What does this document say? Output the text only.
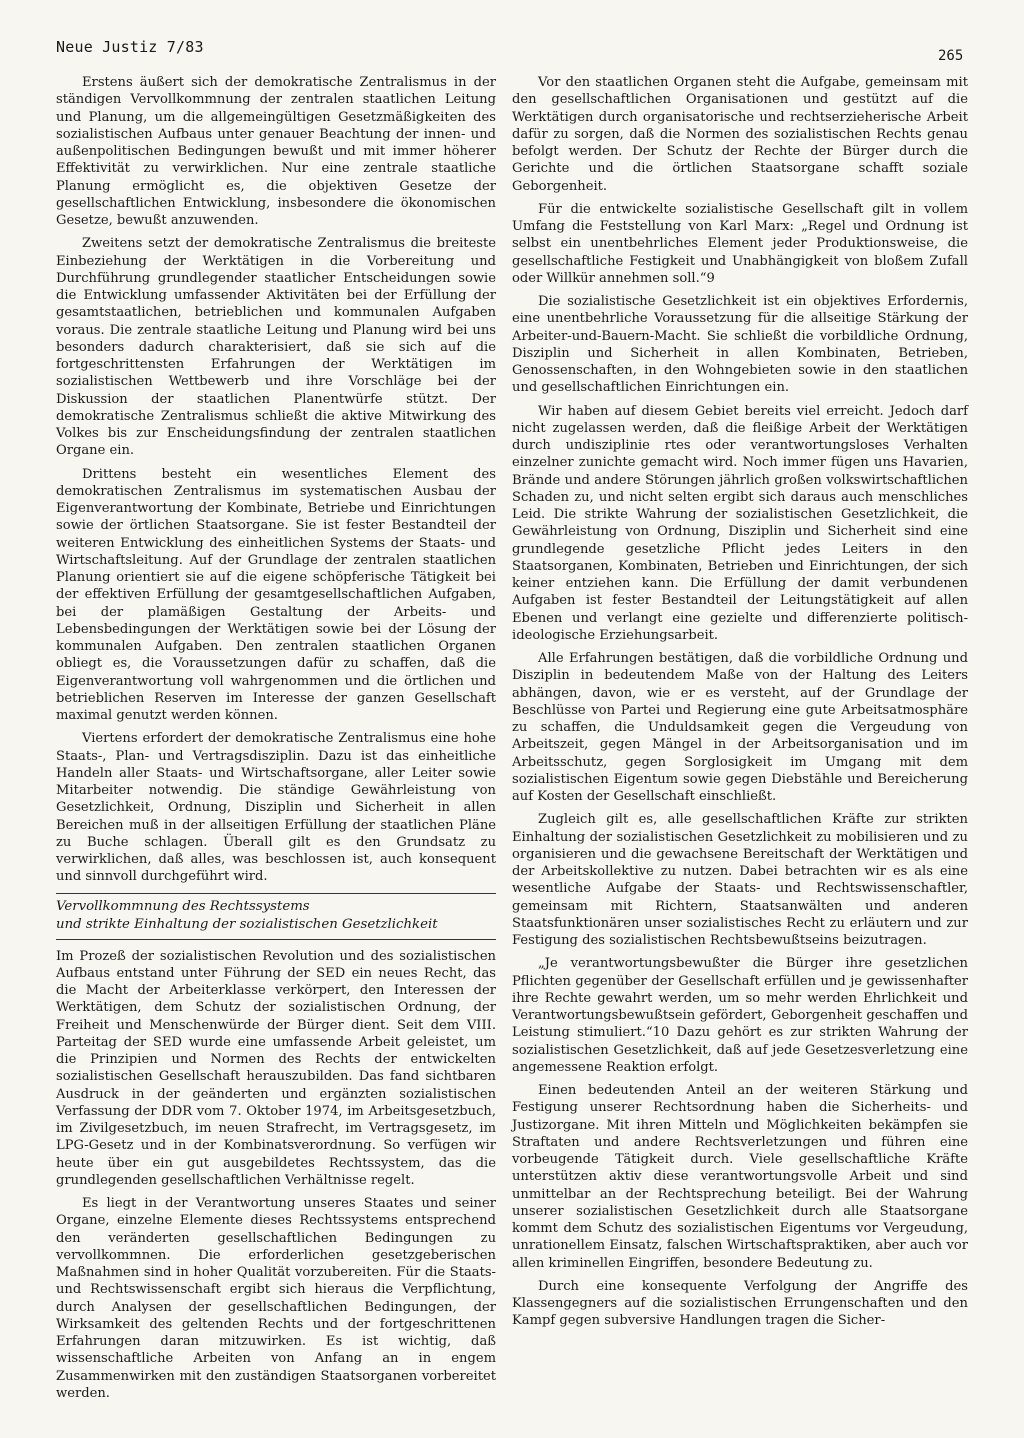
Neue Justiz 7/83	265

Erstens äußert sich der demokratische Zentralismus in der ständigen Vervollkommnung der zentralen staatlichen Leitung und Planung, um die allgemeingültigen Gesetzmäßigkeiten des sozialistischen Aufbaus unter genauer Beachtung der innen- und außenpolitischen Bedingungen bewußt und mit immer höherer Effektivität zu verwirklichen. Nur eine zentrale staatliche Planung ermöglicht es, die objektiven Gesetze der gesellschaftlichen Entwicklung, insbesondere die ökonomischen Gesetze, bewußt anzuwenden.

Zweitens setzt der demokratische Zentralismus die breiteste Einbeziehung der Werktätigen in die Vorbereitung und Durchführung grundlegender staatlicher Entscheidungen sowie die Entwicklung umfassender Aktivitäten bei der Erfüllung der gesamtstaatlichen, betrieblichen und kommunalen Aufgaben voraus. Die zentrale staatliche Leitung und Planung wird bei uns besonders dadurch charakterisiert, daß sie sich auf die fortgeschrittensten Erfahrungen der Werktätigen im sozialistischen Wettbewerb und ihre Vorschläge bei der Diskussion der staatlichen Planentwürfe stützt. Der demokratische Zentralismus schließt die aktive Mitwirkung des Volkes bis zur Enscheidungsfindung der zentralen staatlichen Organe ein.

Drittens besteht ein wesentliches Element des demokratischen Zentralismus im systematischen Ausbau der Eigenverantwortung der Kombinate, Betriebe und Einrichtungen sowie der örtlichen Staatsorgane. Sie ist fester Bestandteil der weiteren Entwicklung des einheitlichen Systems der Staats- und Wirtschaftsleitung. Auf der Grundlage der zentralen staatlichen Planung orientiert sie auf die eigene schöpferische Tätigkeit bei der effektiven Erfüllung der gesamtgesellschaftlichen Aufgaben, bei der plamäßigen Gestaltung der Arbeits- und Lebensbedingungen der Werktätigen sowie bei der Lösung der kommunalen Aufgaben. Den zentralen staatlichen Organen obliegt es, die Voraussetzungen dafür zu schaffen, daß die Eigenverantwortung voll wahrgenommen und die örtlichen und betrieblichen Reserven im Interesse der ganzen Gesellschaft maximal genutzt werden können.

Viertens erfordert der demokratische Zentralismus eine hohe Staats-, Plan- und Vertragsdisziplin. Dazu ist das einheitliche Handeln aller Staats- und Wirtschaftsorgane, aller Leiter sowie Mitarbeiter notwendig. Die ständige Gewährleistung von Gesetzlichkeit, Ordnung, Disziplin und Sicherheit in allen Bereichen muß in der allseitigen Erfüllung der staatlichen Pläne zu Buche schlagen. Überall gilt es den Grundsatz zu verwirklichen, daß alles, was beschlossen ist, auch konsequent und sinnvoll durchgeführt wird.

Vervollkommnung des Rechtssystems

und strikte Einhaltung der sozialistischen Gesetzlichkeit

Im Prozeß der sozialistischen Revolution und des sozialistischen Aufbaus entstand unter Führung der SED ein neues Recht, das die Macht der Arbeiterklasse verkörpert, den Interessen der Werktätigen, dem Schutz der sozialistischen Ordnung, der Freiheit und Menschenwürde der Bürger dient. Seit dem VIII. Parteitag der SED wurde eine umfassende Arbeit geleistet, um die Prinzipien und Normen des Rechts der entwickelten sozialistischen Gesellschaft herauszubilden. Das fand sichtbaren Ausdruck in der geänderten und ergänzten sozialistischen Verfassung der DDR vom 7. Oktober 1974, im Arbeitsgesetzbuch, im Zivilgesetzbuch, im neuen Strafrecht, im Vertragsgesetz, im LPG-Gesetz und in der Kombinatsverordnung. So verfügen wir heute über ein gut ausgebildetes Rechtssystem, das die grundlegenden gesellschaftlichen Verhältnisse regelt.

Es liegt in der Verantwortung unseres Staates und seiner Organe, einzelne Elemente dieses Rechtssystems entsprechend den veränderten gesellschaftlichen Bedingungen zu vervollkommnen. Die erforderlichen gesetzgeberischen Maßnahmen sind in hoher Qualität vorzubereiten. Für die Staats- und Rechtswissenschaft ergibt sich hieraus die Verpflichtung, durch Analysen der gesellschaftlichen Bedingungen, der Wirksamkeit des geltenden Rechts und der fortgeschrittenen Erfahrungen daran mitzuwirken. Es ist wichtig, daß wissenschaftliche Arbeiten von Anfang an in engem Zusammenwirken mit den zuständigen Staatsorganen vorbereitet werden.

Vor den staatlichen Organen steht die Aufgabe, gemeinsam mit den gesellschaftlichen Organisationen und gestützt auf die Werktätigen durch organisatorische und rechtserzieherische Arbeit dafür zu sorgen, daß die Normen des sozialistischen Rechts genau befolgt werden. Der Schutz der Rechte der Bürger durch die Gerichte und die örtlichen Staatsorgane schafft soziale Geborgenheit.

Für die entwickelte sozialistische Gesellschaft gilt in vollem Umfang die Feststellung von Karl Marx: „Regel und Ordnung ist selbst ein unentbehrliches Element jeder Produktionsweise, die gesellschaftliche Festigkeit und Unabhängigkeit von bloßem Zufall oder Willkür annehmen soll.“9

Die sozialistische Gesetzlichkeit ist ein objektives Erfordernis, eine unentbehrliche Voraussetzung für die allseitige Stärkung der Arbeiter-und-Bauern-Macht. Sie schließt die vorbildliche Ordnung, Disziplin und Sicherheit in allen Kombinaten, Betrieben, Genossenschaften, in den Wohngebieten sowie in den staatlichen und gesellschaftlichen Einrichtungen ein.

Wir haben auf diesem Gebiet bereits viel erreicht. Jedoch darf nicht zugelassen werden, daß die fleißige Arbeit der Werktätigen durch undisziplinie rtes oder verantwortungsloses Verhalten einzelner zunichte gemacht wird. Noch immer fügen uns Havarien, Brände und andere Störungen jährlich großen volkswirtschaftlichen Schaden zu, und nicht selten ergibt sich daraus auch menschliches Leid. Die strikte Wahrung der sozialistischen Gesetzlichkeit, die Gewährleistung von Ordnung, Disziplin und Sicherheit sind eine grundlegende gesetzliche Pflicht jedes Leiters in den Staatsorganen, Kombinaten, Betrieben und Einrichtungen, der sich keiner entziehen kann. Die Erfüllung der damit verbundenen Aufgaben ist fester Bestandteil der Leitungstätigkeit auf allen Ebenen und verlangt eine gezielte und differenzierte politisch-ideologische Erziehungsarbeit.

Alle Erfahrungen bestätigen, daß die vorbildliche Ordnung und Disziplin in bedeutendem Maße von der Haltung des Leiters abhängen, davon, wie er es versteht, auf der Grundlage der Beschlüsse von Partei und Regierung eine gute Arbeitsatmosphäre zu schaffen, die Unduldsamkeit gegen die Vergeudung von Arbeitszeit, gegen Mängel in der Arbeitsorganisation und im Arbeitsschutz, gegen Sorglosigkeit im Umgang mit dem sozialistischen Eigentum sowie gegen Diebstähle und Bereicherung auf Kosten der Gesellschaft einschließt.

Zugleich gilt es, alle gesellschaftlichen Kräfte zur strikten Einhaltung der sozialistischen Gesetzlichkeit zu mobilisieren und zu organisieren und die gewachsene Bereitschaft der Werktätigen und der Arbeitskollektive zu nutzen. Dabei betrachten wir es als eine wesentliche Aufgabe der Staats- und Rechtswissenschaftler, gemeinsam mit Richtern, Staatsanwälten und anderen Staatsfunktionären unser sozialistisches Recht zu erläutern und zur Festigung des sozialistischen Rechtsbewußtseins beizutragen.

„Je verantwortungsbewußter die Bürger ihre gesetzlichen Pflichten gegenüber der Gesellschaft erfüllen und je gewissenhafter ihre Rechte gewahrt werden, um so mehr werden Ehrlichkeit und Verantwortungsbewußtsein gefördert, Geborgenheit geschaffen und Leistung stimuliert.“10 Dazu gehört es zur strikten Wahrung der sozialistischen Gesetzlichkeit, daß auf jede Gesetzesverletzung eine angemessene Reaktion erfolgt.

Einen bedeutenden Anteil an der weiteren Stärkung und Festigung unserer Rechtsordnung haben die Sicherheits- und Justizorgane. Mit ihren Mitteln und Möglichkeiten bekämpfen sie Straftaten und andere Rechtsverletzungen und führen eine vorbeugende Tätigkeit durch. Viele gesellschaftliche Kräfte unterstützen aktiv diese verantwortungsvolle Arbeit und sind unmittelbar an der Rechtsprechung beteiligt. Bei der Wahrung unserer sozialistischen Gesetzlichkeit durch alle Staatsorgane kommt dem Schutz des sozialistischen Eigentums vor Vergeudung, unrationellem Einsatz, falschen Wirtschaftspraktiken, aber auch vor allen kriminellen Eingriffen, besondere Bedeutung zu.

Durch eine konsequente Verfolgung der Angriffe des Klassengegners auf die sozialistischen Errungenschaften und den Kampf gegen subversive Handlungen tragen die Sicher-
